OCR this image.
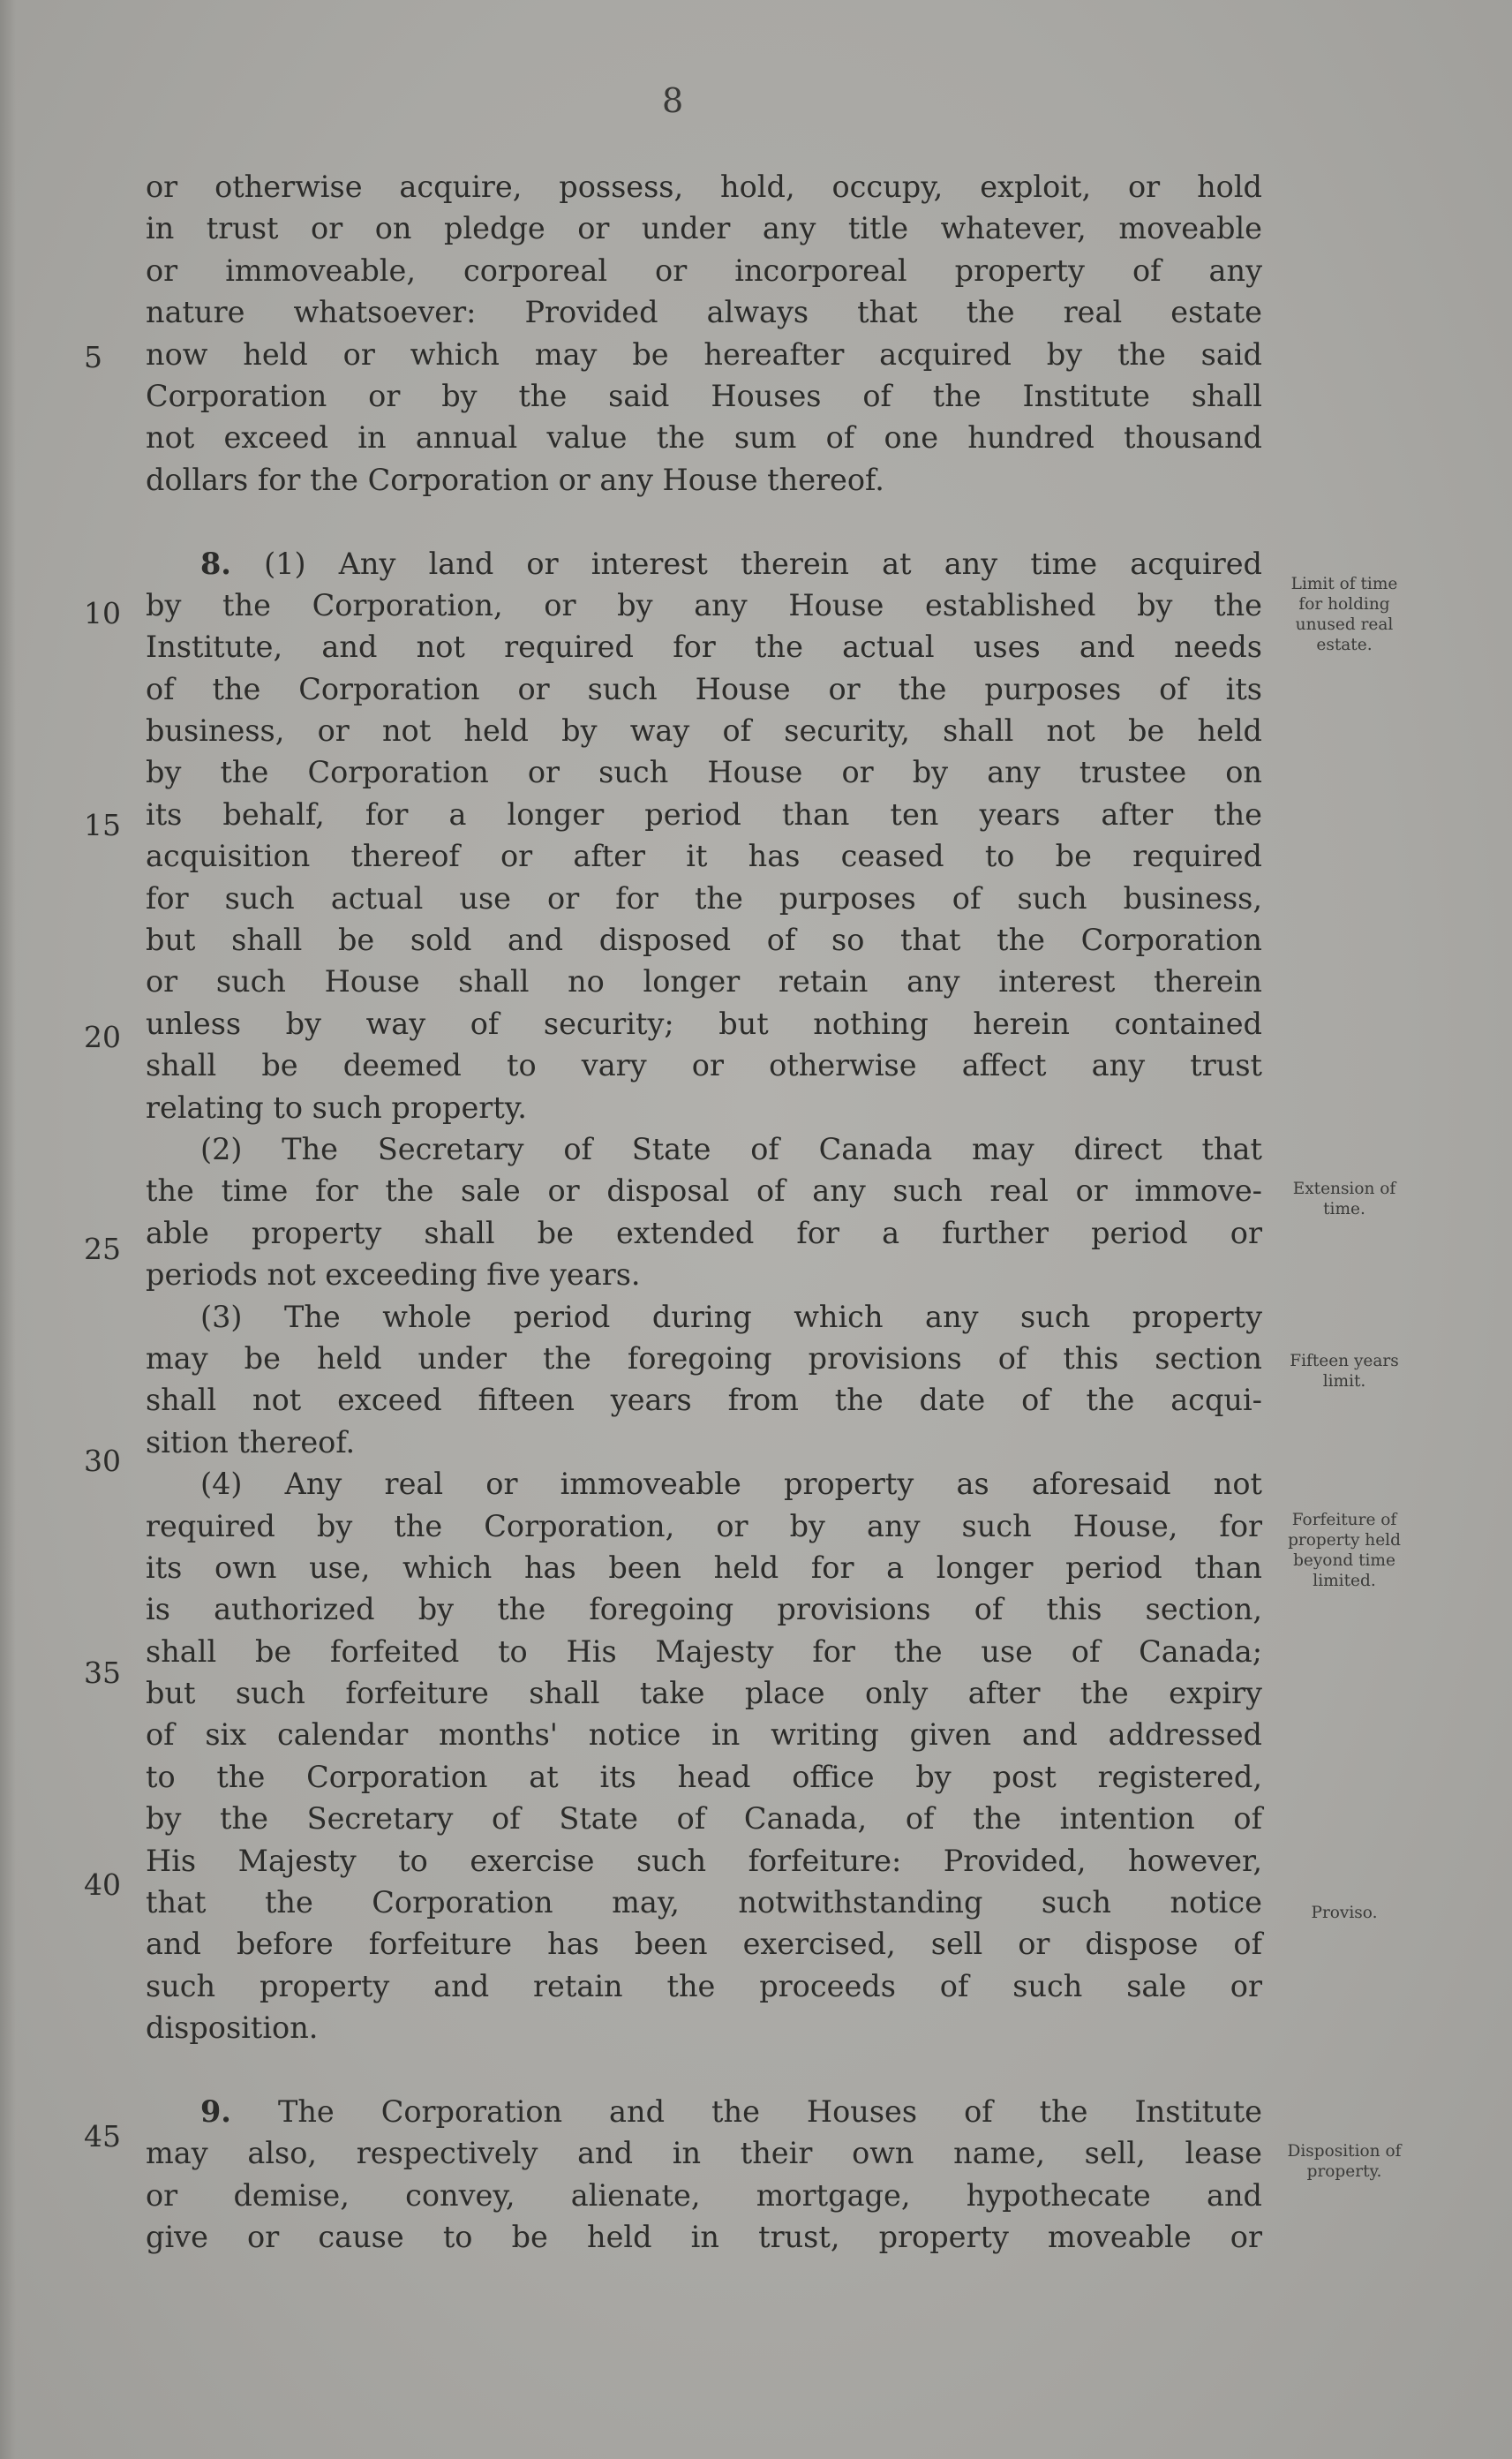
8
or otherwise acquire, possess, hold, occupy, exploit, or hold
in trust or on pledge or under any title whatever, moveable
or immoveable, corporeal or incorporeal property of any
nature whatsoever: Provided always that the real estate
now held or which may be hereafter acquired by the said
Corporation or by the said Houses of the Institute shall
not exceed in annual value the sum of one hundred thousand
dollars for the Corporation or any House thereof.
8. (1) Any land or interest therein at any time acquired
by the Corporation, or by any House established by the
Institute, and not required for the actual uses and needs
of the Corporation or such House or the purposes of its
business, or not held by way of security, shall not be held
by the Corporation or such House or by any trustee on
its behalf, for a longer period than ten years after the
acquisition thereof or after it has ceased to be required
for such actual use or for the purposes of such business,
but shall be sold and disposed of so that the Corporation
or such House shall no longer retain any interest therein
unless by way of security; but nothing herein contained
shall be deemed to vary or otherwise affect any trust
relating to such property.
(2) The Secretary of State of Canada may direct that
the time for the sale or disposal of any such real or immove-
able property shall be extended for a further period or
periods not exceeding five years.
(3) The whole period during which any such property
may be held under the foregoing provisions of this section
shall not exceed fifteen years from the date of the acqui-
sition thereof.
(4) Any real or immoveable property as aforesaid not
required by the Corporation, or by any such House, for
its own use, which has been held for a longer period than
is authorized by the foregoing provisions of this section,
shall be forfeited to His Majesty for the use of Canada;
but such forfeiture shall take place only after the expiry
of six calendar months' notice in writing given and addressed
to the Corporation at its head office by post registered,
by the Secretary of State of Canada, of the intention of
His Majesty to exercise such forfeiture: Provided, however,
that the Corporation may, notwithstanding such notice
and before forfeiture has been exercised, sell or dispose of
such property and retain the proceeds of such sale or
disposition.
9. The Corporation and the Houses of the Institute
may also, respectively and in their own name, sell, lease
or demise, convey, alienate, mortgage, hypothecate and
give or cause to be held in trust, property moveable or
5
10
15
20
25
30
35
40
45
Limit of time for holding unused real estate.
Extension of time.
Fifteen years limit.
Forfeiture of property held beyond time limited.
Proviso.
Disposition of property.
